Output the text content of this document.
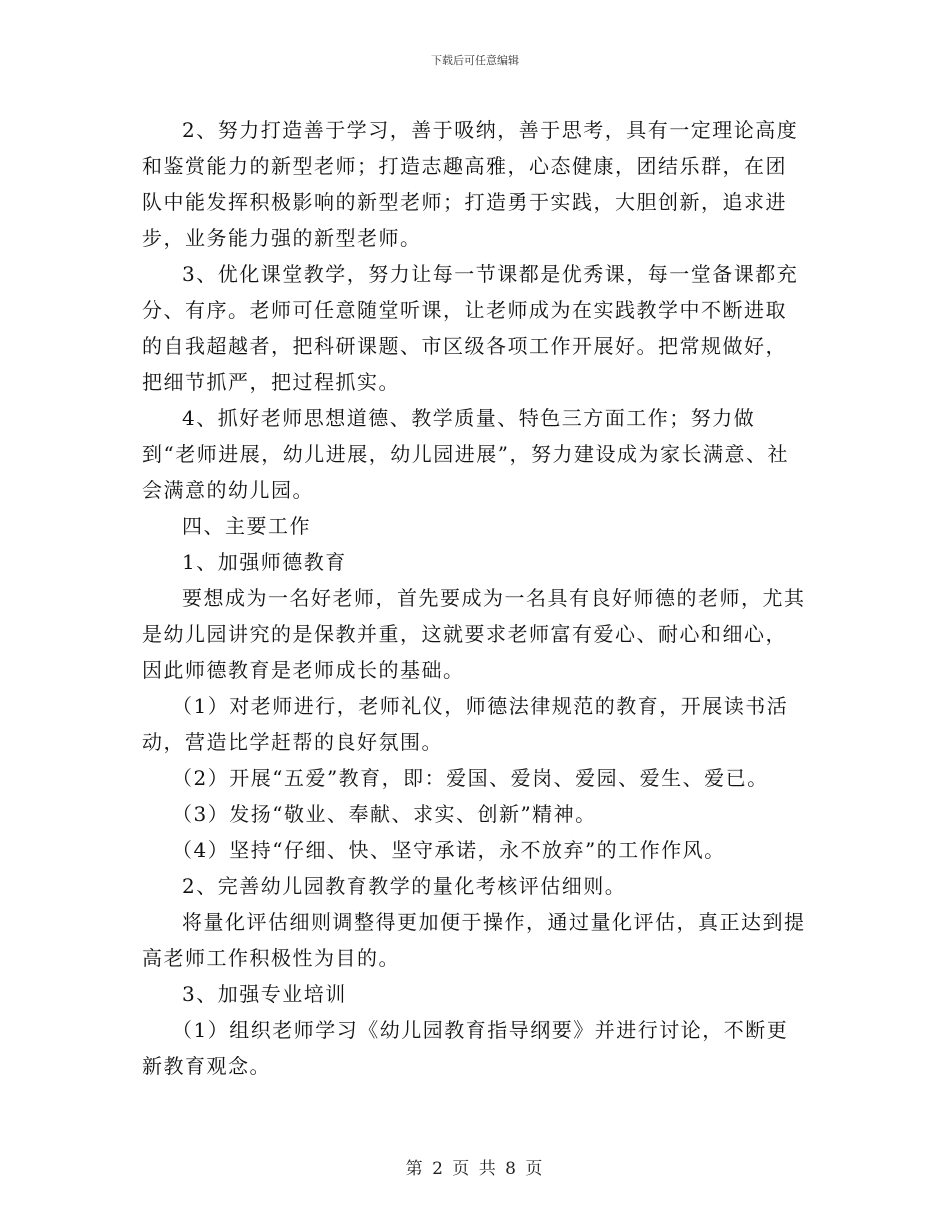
下载后可任意编辑

2、努力打造善于学习，善于吸纳，善于思考，具有一定理论高度和鉴赏能力的新型老师；打造志趣高雅，心态健康，团结乐群，在团队中能发挥积极影响的新型老师；打造勇于实践，大胆创新，追求进步，业务能力强的新型老师。

3、优化课堂教学，努力让每一节课都是优秀课，每一堂备课都充分、有序。老师可任意随堂听课，让老师成为在实践教学中不断进取的自我超越者，把科研课题、市区级各项工作开展好。把常规做好，把细节抓严，把过程抓实。

4、抓好老师思想道德、教学质量、特色三方面工作；努力做到“老师进展，幼儿进展，幼儿园进展”，努力建设成为家长满意、社会满意的幼儿园。

四、主要工作

1、加强师德教育

要想成为一名好老师，首先要成为一名具有良好师德的老师，尤其是幼儿园讲究的是保教并重，这就要求老师富有爱心、耐心和细心，因此师德教育是老师成长的基础。

（1）对老师进行，老师礼仪，师德法律规范的教育，开展读书活动，营造比学赶帮的良好氛围。

（2）开展“五爱”教育，即：爱国、爱岗、爱园、爱生、爱已。

（3）发扬“敬业、奉献、求实、创新”精神。

（4）坚持“仔细、快、坚守承诺，永不放弃”的工作作风。

2、完善幼儿园教育教学的量化考核评估细则。

将量化评估细则调整得更加便于操作，通过量化评估，真正达到提高老师工作积极性为目的。

3、加强专业培训

（1）组织老师学习《幼儿园教育指导纲要》并进行讨论，不断更新教育观念。

第 2 页 共 8 页
